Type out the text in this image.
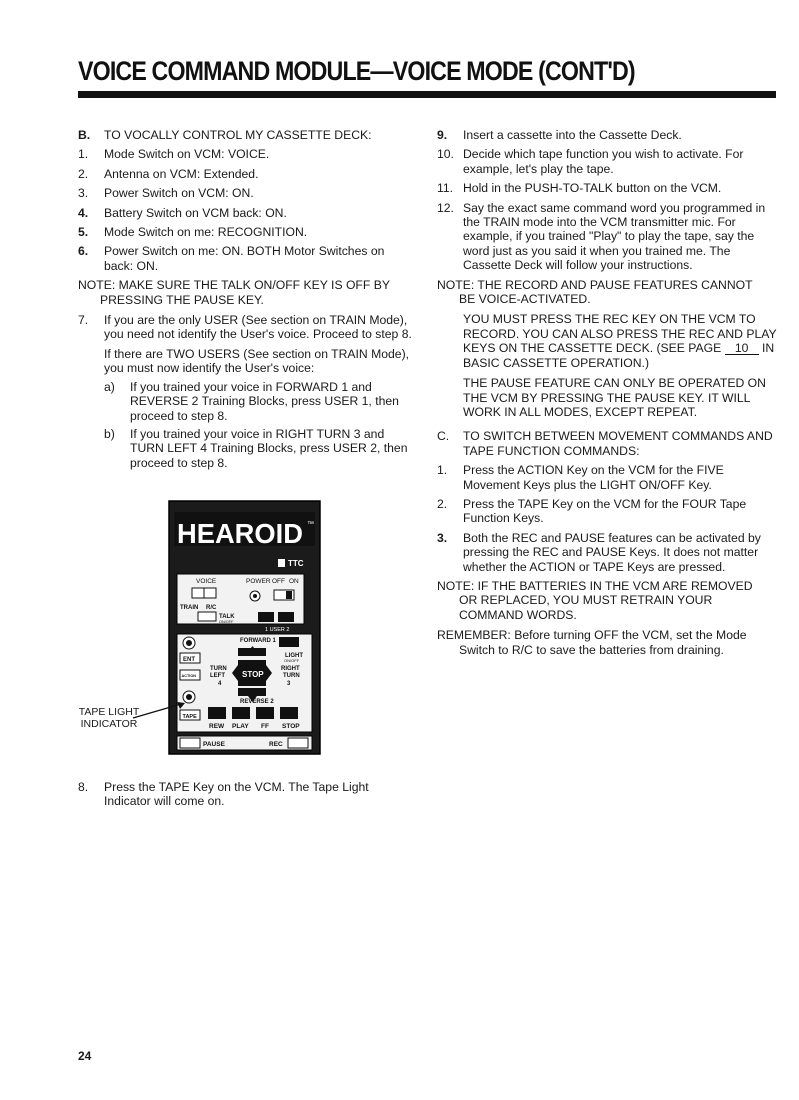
VOICE COMMAND MODULE—VOICE MODE (CONT'D)
B.	TO VOCALLY CONTROL MY CASSETTE DECK:
1.	Mode Switch on VCM: VOICE.
2.	Antenna on VCM: Extended.
3.	Power Switch on VCM: ON.
4.	Battery Switch on VCM back: ON.
5.	Mode Switch on me: RECOGNITION.
6.	Power Switch on me: ON. BOTH Motor Switches on back: ON.
NOTE: MAKE SURE THE TALK ON/OFF KEY IS OFF BY
PRESSING THE PAUSE KEY.
7.	If you are the only USER (See section on TRAIN Mode), you need not identify the User's voice. Proceed to step 8.
If there are TWO USERS (See section on TRAIN Mode), you must now identify the User's voice:
a)	If you trained your voice in FORWARD 1 and REVERSE 2 Training Blocks, press USER 1, then proceed to step 8.
b)	If you trained your voice in RIGHT TURN 3 and TURN LEFT 4 Training Blocks, press USER 2, then proceed to step 8.
HEAROID ™
TTC
VOICE	POWER OFF ON
TRAIN R/C
TALK
ON/OFF
1 USER 2
FORWARD 1
LIGHT
ON/OFF
ENT
ACTION
TURN
LEFT
4
STOP
RIGHT
TURN
3
REVERSE 2
TAPE
REW PLAY FF STOP
PAUSE	REC
TAPE LIGHT INDICATOR
8.	Press the TAPE Key on the VCM. The Tape Light Indicator will come on.
9.	Insert a cassette into the Cassette Deck.
10. Decide which tape function you wish to activate. For example, let's play the tape.
11. Hold in the PUSH-TO-TALK button on the VCM.
12. Say the exact same command word you programmed in the TRAIN mode into the VCM transmitter mic. For example, if you trained "Play" to play the tape, say the word just as you said it when you trained me. The Cassette Deck will follow your instructions.
NOTE: THE RECORD AND PAUSE FEATURES CANNOT
BE VOICE-ACTIVATED.
YOU MUST PRESS THE REC KEY ON THE VCM TO RECORD. YOU CAN ALSO PRESS THE REC AND PLAY KEYS ON THE CASSETTE DECK. (SEE PAGE 10 IN BASIC CASSETTE OPERATION.)
THE PAUSE FEATURE CAN ONLY BE OPERATED ON THE VCM BY PRESSING THE PAUSE KEY. IT WILL WORK IN ALL MODES, EXCEPT REPEAT.
C.	TO SWITCH BETWEEN MOVEMENT COMMANDS AND TAPE FUNCTION COMMANDS:
1.	Press the ACTION Key on the VCM for the FIVE Movement Keys plus the LIGHT ON/OFF Key.
2.	Press the TAPE Key on the VCM for the FOUR Tape Function Keys.
3.	Both the REC and PAUSE features can be activated by pressing the REC and PAUSE Keys. It does not matter whether the ACTION or TAPE Keys are pressed.
NOTE: IF THE BATTERIES IN THE VCM ARE REMOVED
OR REPLACED, YOU MUST RETRAIN YOUR COMMAND WORDS.
REMEMBER: Before turning OFF the VCM, set the Mode
Switch to R/C to save the batteries from draining.
24
